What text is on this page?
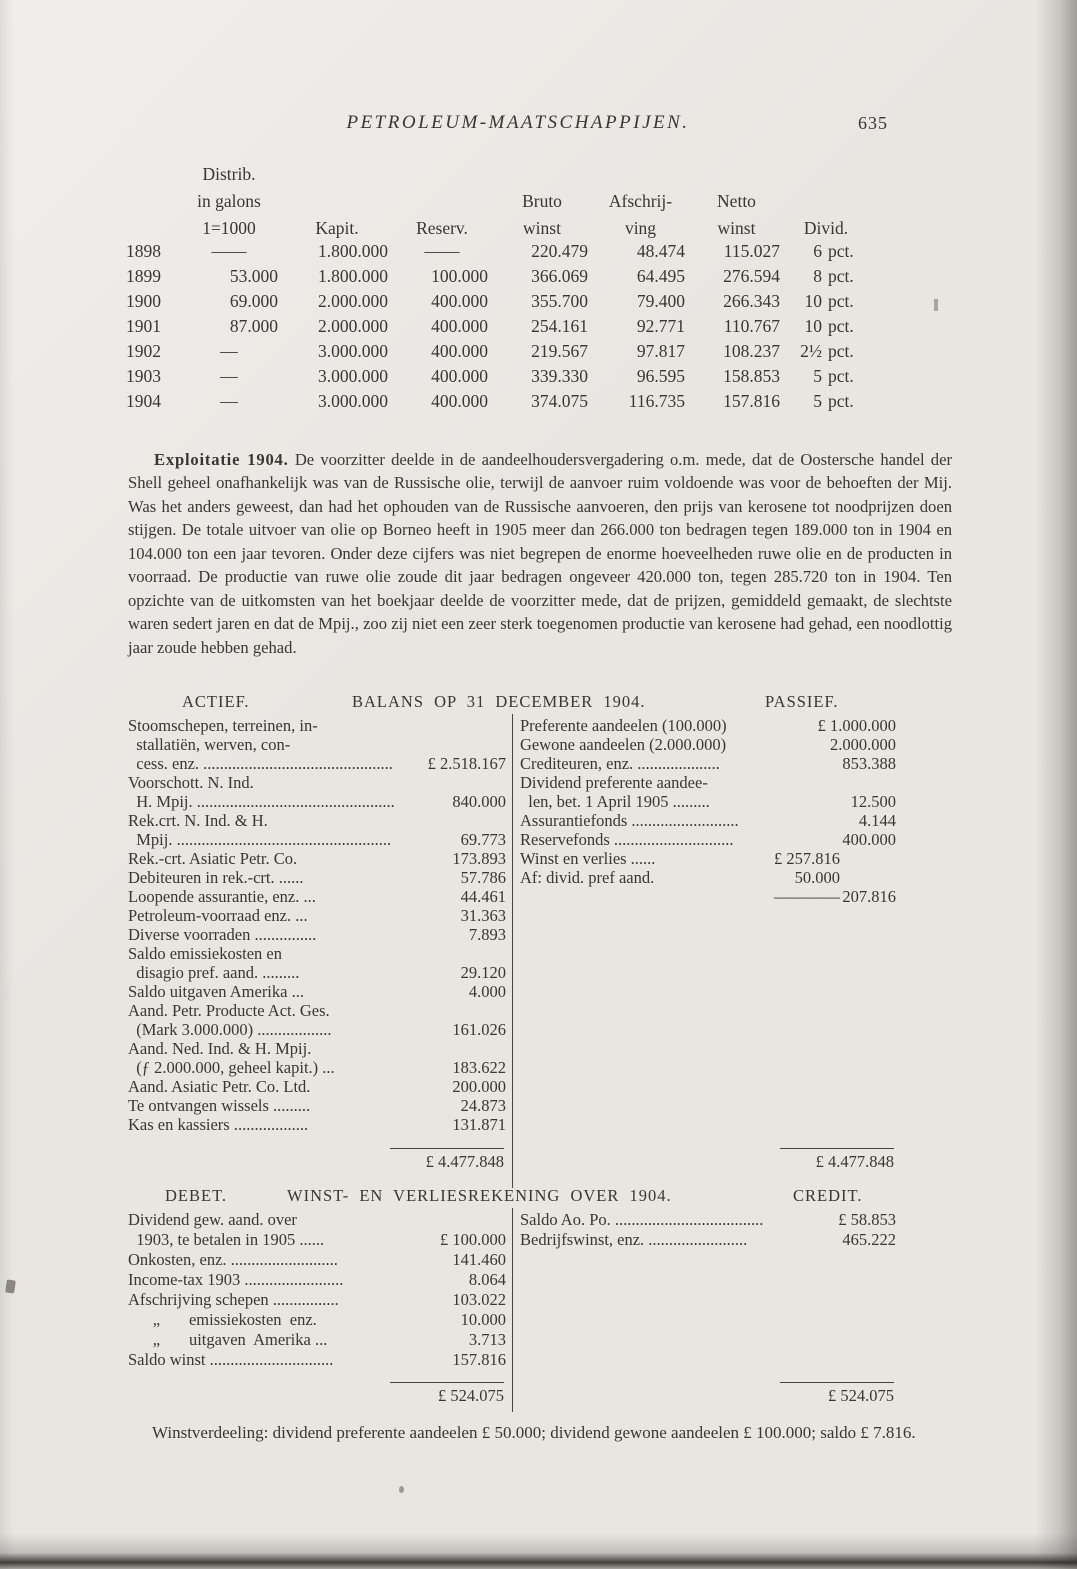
PETROLEUM-MAATSCHAPPIJEN.	635
	Distrib.							
	in galons			Bruto	Afschrij-	Netto		
	1=1000	Kapit.	Reserv.	winst	ving	winst	Divid.	
1898	——	1.800.000	——	220.479	48.474	115.027	6	pct.
1899	53.000	1.800.000	100.000	366.069	64.495	276.594	8	pct.
1900	69.000	2.000.000	400.000	355.700	79.400	266.343	10	pct.
1901	87.000	2.000.000	400.000	254.161	92.771	110.767	10	pct.
1902	—	3.000.000	400.000	219.567	97.817	108.237	2½	pct.
1903	—	3.000.000	400.000	339.330	96.595	158.853	5	pct.
1904	—	3.000.000	400.000	374.075	116.735	157.816	5	pct.

Exploitatie 1904. De voorzitter deelde in de aandeelhoudersvergadering o.m. mede, dat de Oostersche handel der Shell geheel onafhankelijk was van de Russische olie, terwijl de aanvoer ruim voldoende was voor de behoeften der Mij. Was het anders geweest, dan had het ophouden van de Russische aanvoeren, den prijs van kerosene tot noodprijzen doen stijgen. De totale uitvoer van olie op Borneo heeft in 1905 meer dan 266.000 ton bedragen tegen 189.000 ton in 1904 en 104.000 ton een jaar tevoren. Onder deze cijfers was niet begrepen de enorme hoeveelheden ruwe olie en de producten in voorraad. De productie van ruwe olie zoude dit jaar bedragen ongeveer 420.000 ton, tegen 285.720 ton in 1904. Ten opzichte van de uitkomsten van het boekjaar deelde de voorzitter mede, dat de prijzen, gemiddeld gemaakt, de slechtste waren sedert jaren en dat de Mpij., zoo zij niet een zeer sterk toegenomen productie van kerosene had gehad, een noodlottig jaar zoude hebben gehad.

ACTIEF.	BALANS OP 31 DECEMBER 1904.	PASSIEF.
Stoomschepen, terreinen, in-
stallatiën, werven, con-
cess. enz. ..............................................	£ 2.518.167
Voorschott. N. Ind.
H. Mpij. ................................................	840.000
Rek.crt. N. Ind. & H.
Mpij. ....................................................	69.773
Rek.-crt. Asiatic Petr. Co.	173.893
Debiteuren in rek.-crt. ......	57.786
Loopende assurantie, enz. ...	44.461
Petroleum-voorraad enz. ...	31.363
Diverse voorraden ...............	7.893
Saldo emissiekosten en
disagio pref. aand. .........	29.120
Saldo uitgaven Amerika ...	4.000
Aand. Petr. Producte Act. Ges.
(Mark 3.000.000) ..................	161.026
Aand. Ned. Ind. & H. Mpij.
(ƒ 2.000.000, geheel kapit.) ...	183.622
Aand. Asiatic Petr. Co. Ltd.	200.000
Te ontvangen wissels .........	24.873
Kas en kassiers ..................	131.871
Preferente aandeelen (100.000)	£ 1.000.000
Gewone aandeelen (2.000.000)	2.000.000
Crediteuren, enz. ....................	853.388
Dividend preferente aandee-
len, bet. 1 April 1905 .........	12.500
Assurantiefonds ..........................	4.144
Reservefonds .............................	400.000
Winst en verlies ......	£ 257.816
Af: divid. pref aand.	50.000
———— 207.816
£ 4.477.848	£ 4.477.848
DEBET.	WINST- EN VERLIESREKENING OVER 1904.	CREDIT.
Dividend gew. aand. over
1903, te betalen in 1905 ......	£ 100.000
Onkosten, enz. ..........................	141.460
Income-tax 1903 ........................	8.064
Afschrijving schepen ................	103.022
„       emissiekosten  enz.	10.000
„       uitgaven  Amerika ...	3.713
Saldo winst ..............................	157.816
Saldo Ao. Po. ....................................	£ 58.853
Bedrijfswinst, enz. ........................	465.222
£ 524.075	£ 524.075

Winstverdeeling: dividend preferente aandeelen £ 50.000; dividend gewone aandeelen £ 100.000; saldo £ 7.816.
